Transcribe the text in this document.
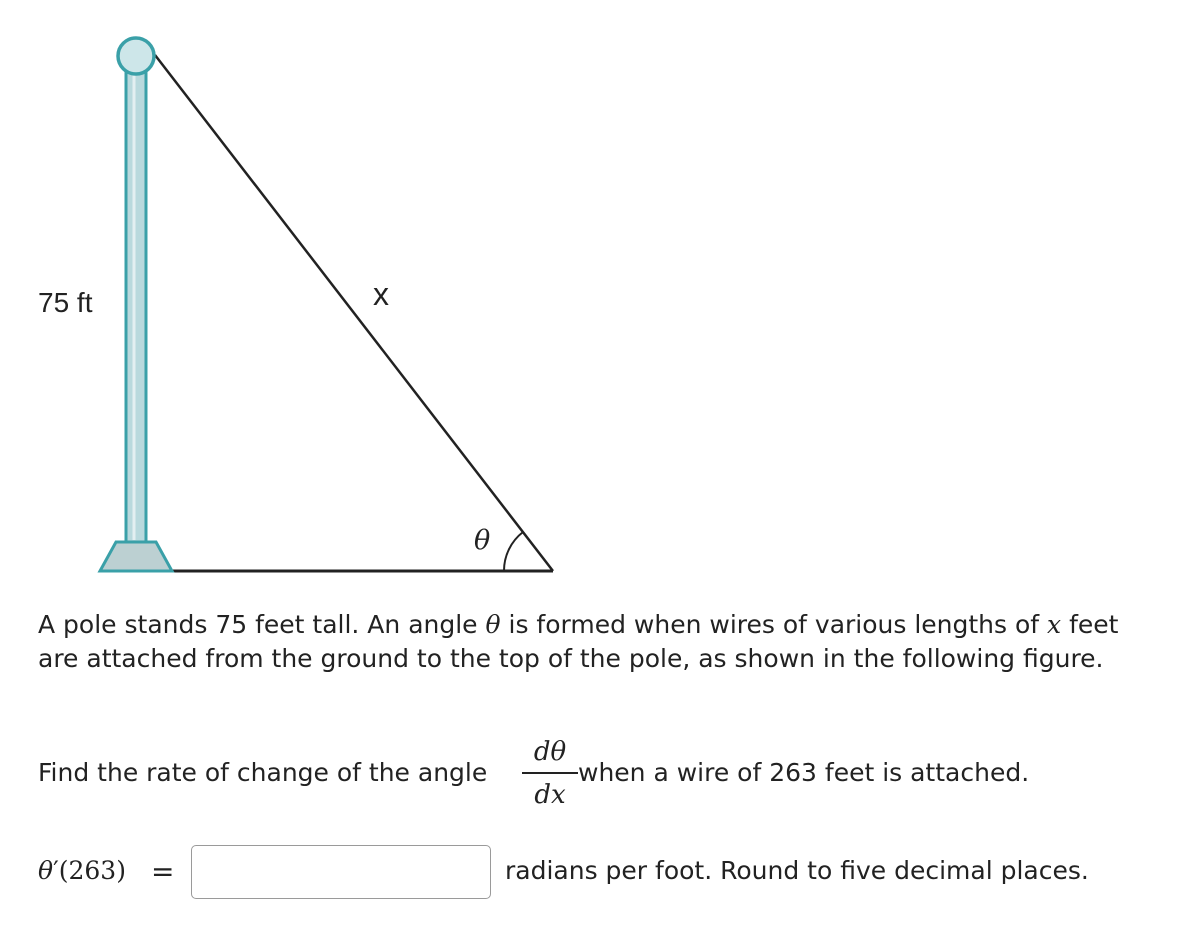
75 ft	x
θ

A pole stands 75 feet tall. An angle θ is formed when wires of various lengths of x feet are attached from the ground to the top of the pole, as shown in the following figure.

Find the rate of change of the angle
dθ
dx
when a wire of 263 feet is attached.
θ′(263) =	radians per foot. Round to five decimal places.
